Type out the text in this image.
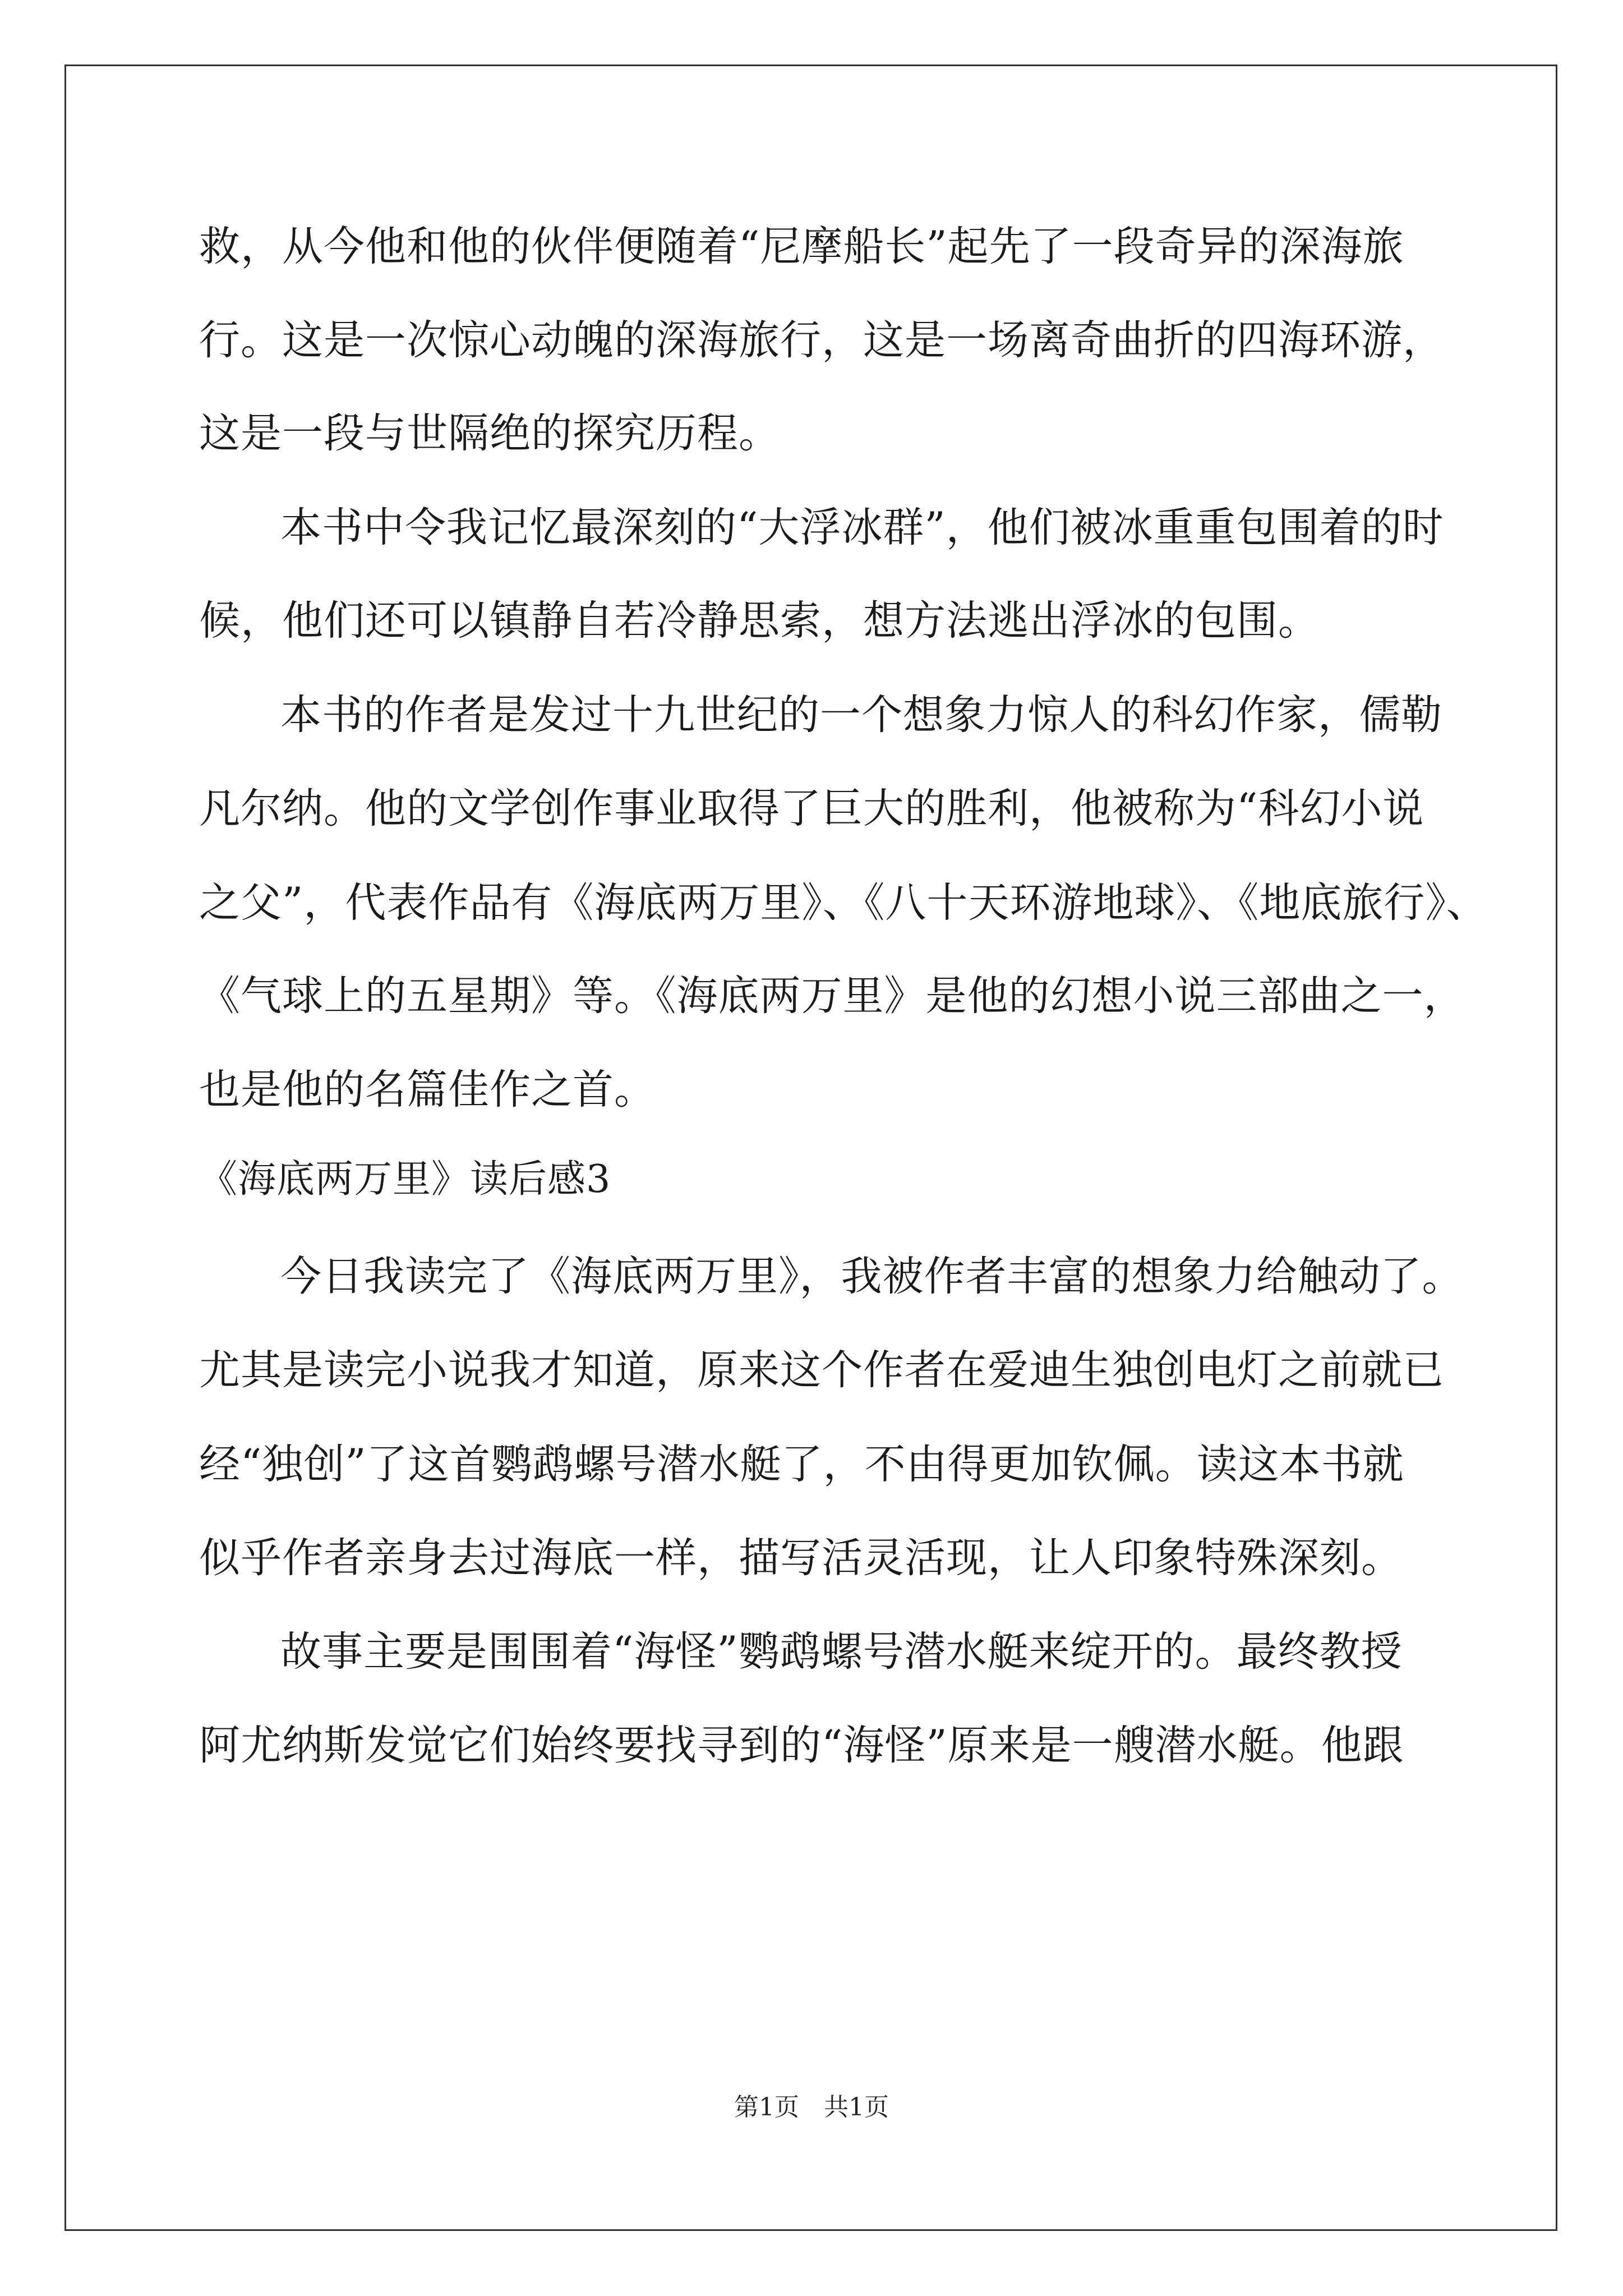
救，从今他和他的伙伴便随着“尼摩船长”起先了一段奇异的深海旅
行。这是一次惊心动魄的深海旅行，这是一场离奇曲折的四海环游，
这是一段与世隔绝的探究历程。
本书中令我记忆最深刻的“大浮冰群”，他们被冰重重包围着的时
候，他们还可以镇静自若冷静思索，想方法逃出浮冰的包围。
本书的作者是发过十九世纪的一个想象力惊人的科幻作家，儒勒
凡尔纳。他的文学创作事业取得了巨大的胜利，他被称为“科幻小说
之父”，代表作品有《海底两万里》、《八十天环游地球》、《地底旅行》、
《气球上的五星期》等。《海底两万里》是他的幻想小说三部曲之一，
也是他的名篇佳作之首。
《海底两万里》读后感3
今日我读完了《海底两万里》，我被作者丰富的想象力给触动了。
尤其是读完小说我才知道，原来这个作者在爱迪生独创电灯之前就已
经“独创”了这首鹦鹉螺号潜水艇了，不由得更加钦佩。读这本书就
似乎作者亲身去过海底一样，描写活灵活现，让人印象特殊深刻。
故事主要是围围着“海怪”鹦鹉螺号潜水艇来绽开的。最终教授
阿尤纳斯发觉它们始终要找寻到的“海怪”原来是一艘潜水艇。他跟
第1页　共1页
